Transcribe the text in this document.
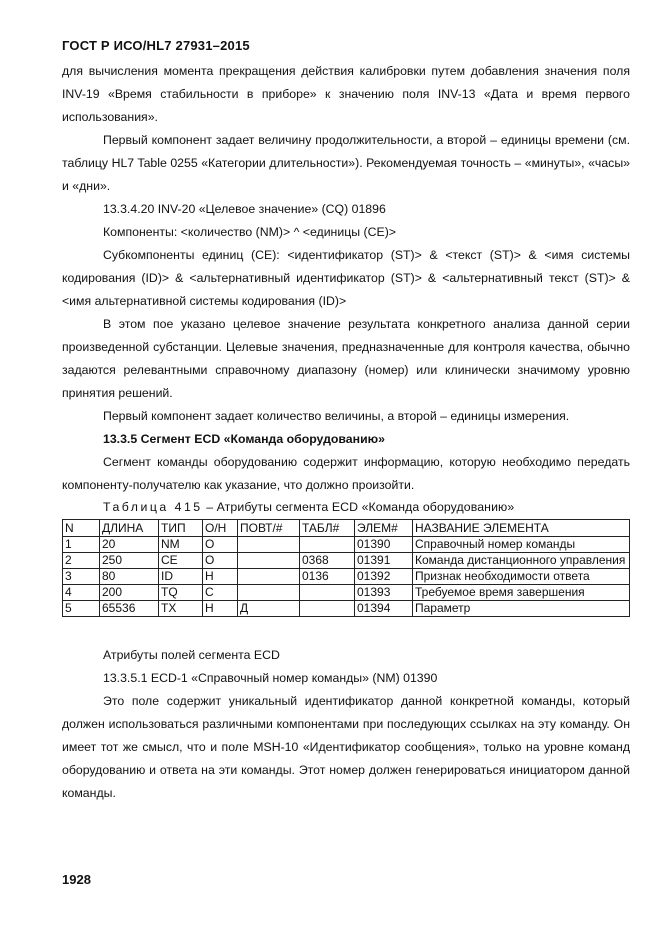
ГОСТ Р ИСО/HL7 27931–2015

для вычисления момента прекращения действия калибровки путем добавления значения поля INV-19 «Время стабильности в приборе» к значению поля INV-13 «Дата и время первого использования».

Первый компонент задает величину продолжительности, а второй – единицы времени (см. таблицу HL7 Table 0255 «Категории длительности»). Рекомендуемая точность – «минуты», «часы» и «дни».

13.3.4.20 INV-20 «Целевое значение» (CQ) 01896

Компоненты: <количество (NM)> ^ <единицы (CE)>

Субкомпоненты единиц (CE): <идентификатор (ST)> & <текст (ST)> & <имя системы кодирования (ID)> & <альтернативный идентификатор (ST)> & <альтернативный текст (ST)> & <имя альтернативной системы кодирования (ID)>

В этом пое указано целевое значение результата конкретного анализа данной серии произведенной субстанции. Целевые значения, предназначенные для контроля качества, обычно задаются релевантными справочному диапазону (номер) или клинически значимому уровню принятия решений.

Первый компонент задает количество величины, а второй – единицы измерения.

13.3.5 Сегмент ECD «Команда оборудованию»

Сегмент команды оборудованию содержит информацию, которую необходимо передать компоненту-получателю как указание, что должно произойти.

Таблица 415 – Атрибуты сегмента ECD «Команда оборудованию»

N	ДЛИНА	ТИП	О/Н	ПОВТ/#	ТАБЛ#	ЭЛЕМ#	НАЗВАНИЕ ЭЛЕМЕНТА
1	20	NM	O			01390	Справочный номер команды
2	250	CE	O		0368	01391	Команда дистанционного управления
3	80	ID	H		0136	01392	Признак необходимости ответа
4	200	TQ	C			01393	Требуемое время завершения
5	65536	TX	H	Д		01394	Параметр

Атрибуты полей сегмента ECD

13.3.5.1 ECD-1 «Справочный номер команды» (NM) 01390

Это поле содержит уникальный идентификатор данной конкретной команды, который должен использоваться различными компонентами при последующих ссылках на эту команду. Он имеет тот же смысл, что и поле MSH-10 «Идентификатор сообщения», только на уровне команд оборудованию и ответа на эти команды. Этот номер должен генерироваться инициатором данной команды.

1928
